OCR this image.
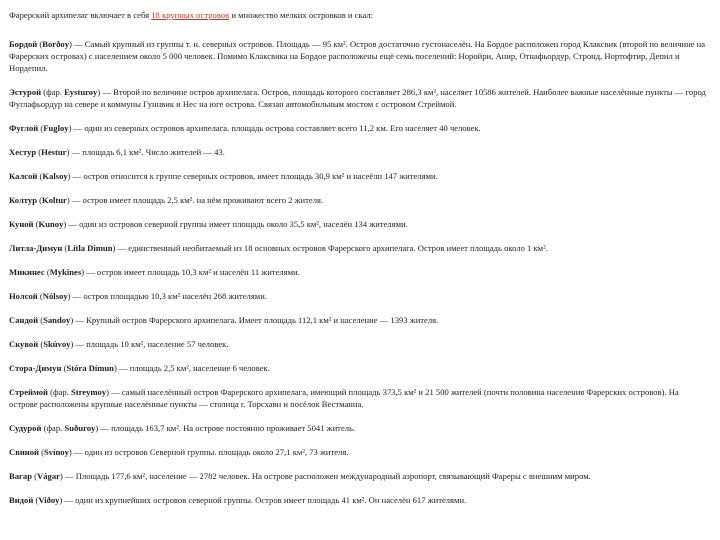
Фарерский архипелаг включает в себя 18 крупных островов и множество мелких островков и скал:

Бордой (Borðoy) — Самый крупный из группы т. н. северных островов. Площадь — 95 км². Остров достаточно густонаселён. На Бордое расположен город Клаксвик (второй по величине на Фарерских островах) с населением около 5 000 человек. Помимо Клаксвика на Бордое расположены ещё семь поселений: Норойри, Анир, Отнафьордур, Стронд, Нортофтир, Депил и Нордепил.

Эстурой (фар. Eysturoy) — Второй по величине остров архипелага. Остров, площадь которого составляет 286,3 км², населяет 10586 жителей. Наиболее важные населённые пункты — город Фуглафьордур на севере и коммуны Гуннвик и Нес на юге острова. Связан автомобильным мостом с островом Стреймой.

Фуглой (Fugloy) — один из северных островов архипелага. площадь острова составляет всего 11,2 км. Его населяет 40 человек.

Хестур (Hestur) — площадь 6,1 км². Число жителей — 43.

Калсой (Kalsoy) — остров относится к группе северных островов, имеет площадь 30,9 км² и насеёлн 147 жителями.

Колтур (Koltur) — остров имеет площадь 2,5 км². на нём проживают всего 2 жителя.

Куной (Kunoy) — один из островов северной группы имеет площадь около 35,5 км², населён 134 жителями.

Литла-Димун (Lítla Dímun) — единственный необитаемый из 18 основных островов Фарерского архипелага. Остров имеет площадь около 1 км².

Микинес (Mykines) — остров имеет площадь 10,3 км² и населён 11 жителями.

Нолсой (Nólsoy) — остров площадью 10,3 км² населён 268 жителями.

Сандой (Sandoy) — Крупный остров Фарерского архипелага. Имеет площадь 112,1 км² и население — 1393 жителя.

Скувой (Skúvoy) — площадь 10 км², население 57 человек.

Стора-Димун (Stóra Dímun) — площадь 2,5 км², население 6 человек.

Стреймой (фар. Streymoy) — самый населённый остров Фарерского архипелага, имеющий площадь 373,5 км² и 21 500 жителей (почти половина населения Фарерских островов). На острове расположены крупные населённые пункты — столица г. Торсхавн и посёлок Вестманна.

Судурой (фар. Suðuroy) — площадь 163,7 км². На острове постоянно проживает 5041 житель.

Свиной (Svínoy) — один из островов Северной группы. площадь около 27,1 км², 73 жителя.

Вагар (Vágar) — Площадь 177,6 км², население — 2782 человек. На острове расположен международный аэропорт, связывающий Фареры с внешним миром.

Видой (Viðoy) — один из крупнейших островов северной группы. Остров имеет площадь 41 км². Он населён 617 жителями.
